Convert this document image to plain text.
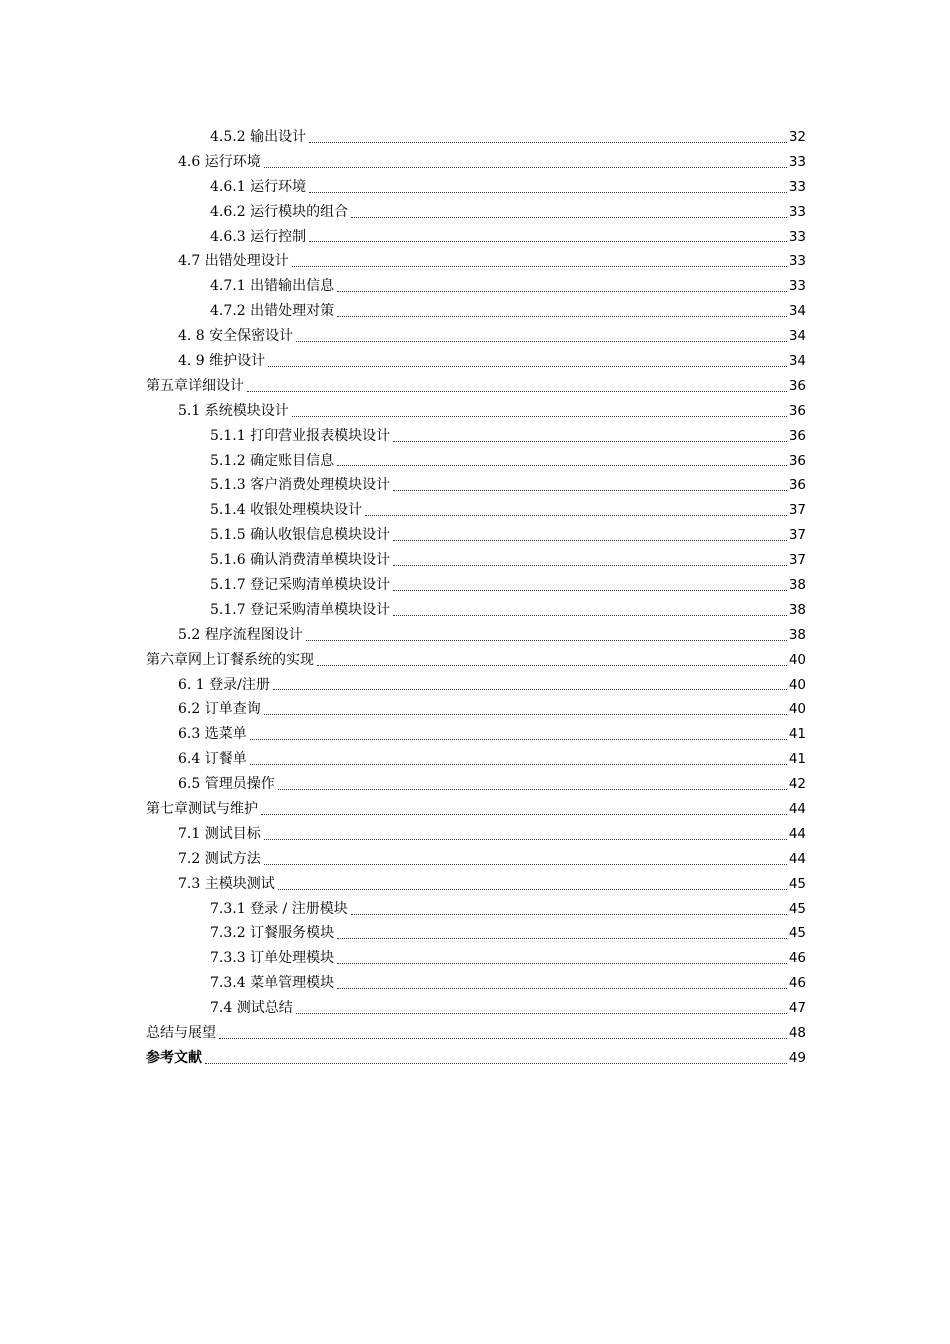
4.5.2 输出设计	32
4.6 运行环境	33
4.6.1 运行环境	33
4.6.2 运行模块的组合	33
4.6.3 运行控制	33
4.7 出错处理设计	33
4.7.1 出错输出信息	33
4.7.2 出错处理对策	34
4. 8 安全保密设计	34
4. 9 维护设计	34
第五章详细设计	36
5.1 系统模块设计	36
5.1.1 打印营业报表模块设计	36
5.1.2 确定账目信息	36
5.1.3 客户消费处理模块设计	36
5.1.4 收银处理模块设计	37
5.1.5 确认收银信息模块设计	37
5.1.6 确认消费清单模块设计	37
5.1.7 登记采购清单模块设计	38
5.1.7 登记采购清单模块设计	38
5.2 程序流程图设计	38
第六章网上订餐系统的实现	40
6. 1 登录/注册	40
6.2 订单查询	40
6.3 选菜单	41
6.4 订餐单	41
6.5 管理员操作	42
第七章测试与维护	44
7.1 测试目标	44
7.2 测试方法	44
7.3 主模块测试	45
7.3.1 登录 / 注册模块	45
7.3.2 订餐服务模块	45
7.3.3 订单处理模块	46
7.3.4 菜单管理模块	46
7.4 测试总结	47
总结与展望	48
参考文献	49
